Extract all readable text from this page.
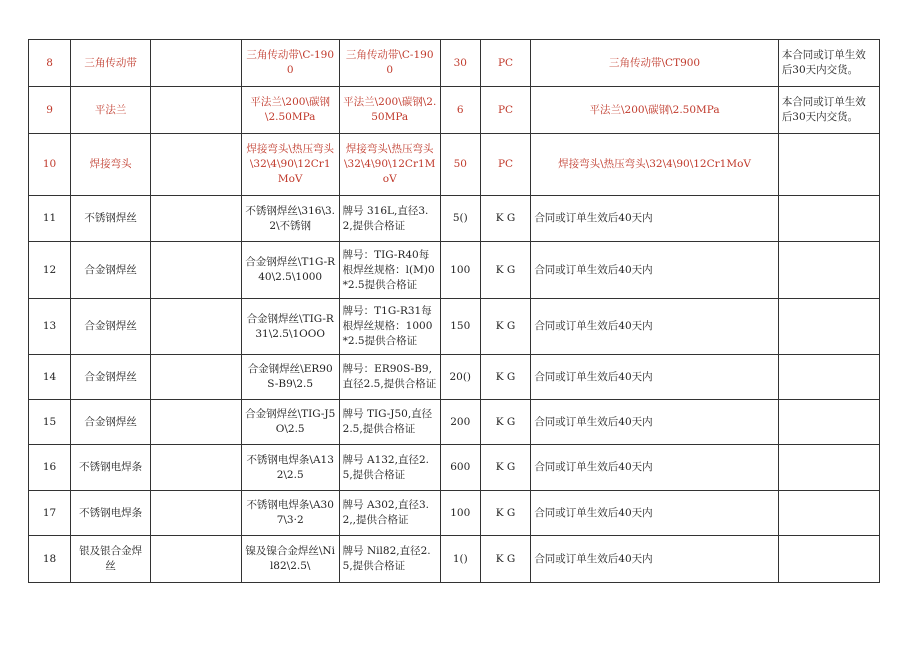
8	三角传动带		三角传动带\C-1900	三角传动带\C-1900	30	PC	三角传动带\CT900	本合同或订单生效后30天内交货。
9	平法兰		平法兰\200\碳钢\2.50MPa	平法兰\200\碳钢\2.50MPa	6	PC	平法兰\200\碳钢\2.50MPa	本合同或订单生效后30天内交货。
10	焊接弯头		焊接弯头\热压弯头\32\4\90\12Cr1MoV	焊接弯头\热压弯头\32\4\90\12Cr1MoV	50	PC	焊接弯头\热压弯头\32\4\90\12Cr1MoV	
11	不锈钢焊丝		不锈钢焊丝\316\3.2\不锈钢	牌号 316L,直径3.2,提供合格证	5()	K G	合同或订单生效后40天内	
12	合金钢焊丝		合金钢焊丝\T1G-R40\2.5\1000	牌号：TIG-R40每根焊丝规格：l(M)0*2.5提供合格证	100	K G	合同或订单生效后40天内	
13	合金钢焊丝		合金钢焊丝\TIG-R31\2.5\1OOO	牌号：T1G-R31每根焊丝规格：1000*2.5提供合格证	150	K G	合同或订单生效后40天内	
14	合金钢焊丝		合金钢焊丝\ER90S-B9\2.5	牌号：ER90S-B9,直径2.5,提供合格证	20()	K G	合同或订单生效后40天内	
15	合金钢焊丝		合金钢焊丝\TIG-J5O\2.5	牌号 TIG-J50,直径2.5,提供合格证	200	K G	合同或订单生效后40天内	
16	不锈钢电焊条		不锈钢电焊条\A132\2.5	牌号 A132,直径2.5,提供合格证	600	K G	合同或订单生效后40天内	
17	不锈钢电焊条		不锈钢电焊条\A307\3·2	牌号 A302,直径3.2,,提供合格证	100	K G	合同或订单生效后40天内	
18	银及银合金焊丝		镍及镍合金焊丝\Nil82\2.5\	牌号 Nil82,直径2.5,提供合格证	1()	K G	合同或订单生效后40天内	
